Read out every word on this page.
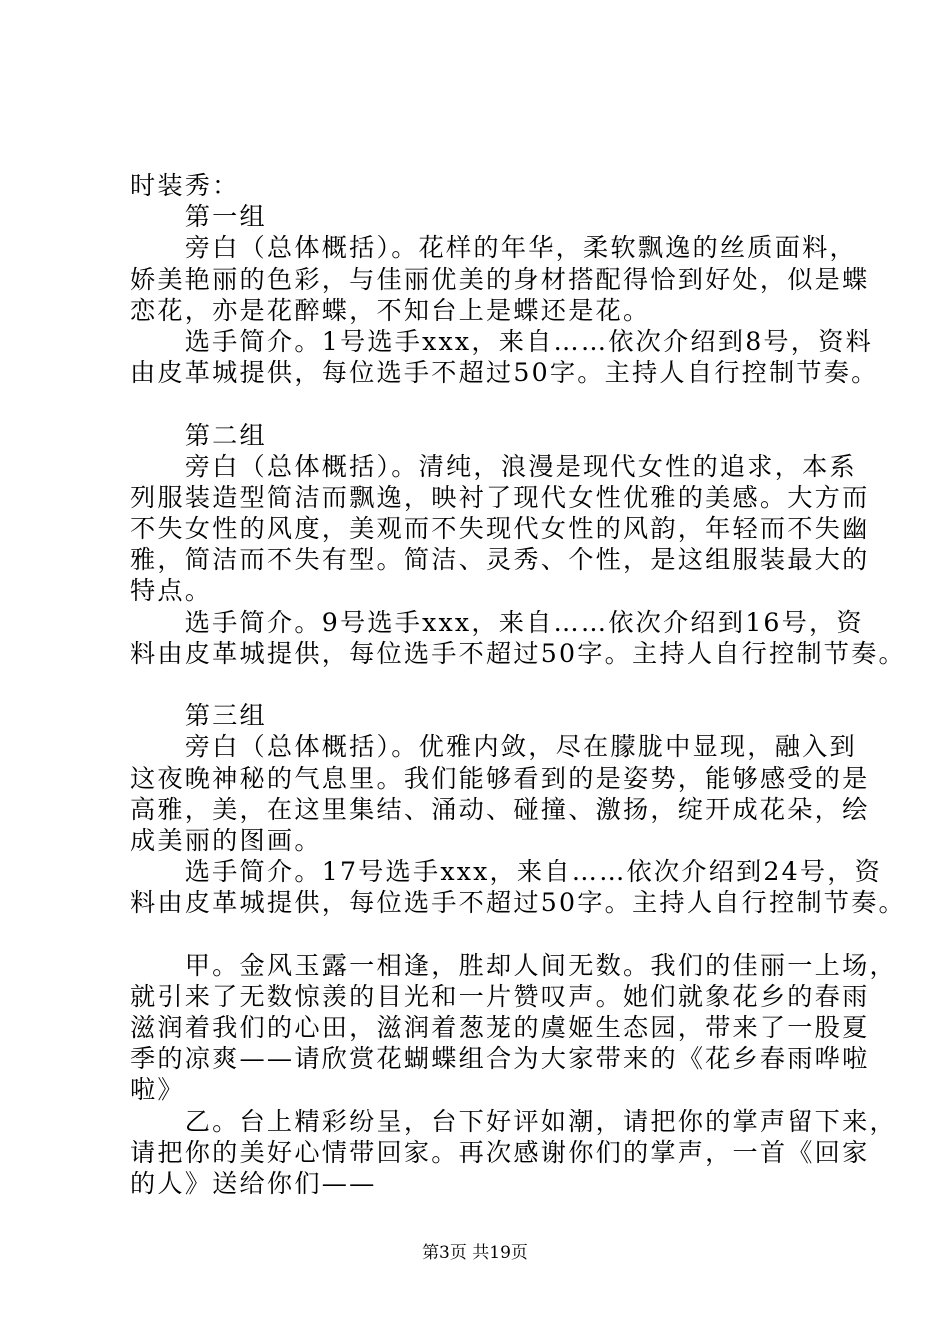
时装秀：
　　第一组
　　旁白（总体概括）。花样的年华，柔软飘逸的丝质面料，
娇美艳丽的色彩，与佳丽优美的身材搭配得恰到好处，似是蝶
恋花，亦是花醉蝶，不知台上是蝶还是花。
　　选手简介。1号选手xxx，来自……依次介绍到8号，资料
由皮革城提供，每位选手不超过50字。主持人自行控制节奏。
　　第二组
　　旁白（总体概括）。清纯，浪漫是现代女性的追求，本系
列服装造型简洁而飘逸，映衬了现代女性优雅的美感。大方而
不失女性的风度，美观而不失现代女性的风韵，年轻而不失幽
雅，简洁而不失有型。简洁、灵秀、个性，是这组服装最大的
特点。
　　选手简介。9号选手xxx，来自……依次介绍到16号，资
料由皮革城提供，每位选手不超过50字。主持人自行控制节奏。
　　第三组
　　旁白（总体概括）。优雅内敛，尽在朦胧中显现，融入到
这夜晚神秘的气息里。我们能够看到的是姿势，能够感受的是
高雅，美，在这里集结、涌动、碰撞、激扬，绽开成花朵，绘
成美丽的图画。
　　选手简介。17号选手xxx，来自……依次介绍到24号，资
料由皮革城提供，每位选手不超过50字。主持人自行控制节奏。
　　甲。金风玉露一相逢，胜却人间无数。我们的佳丽一上场，
就引来了无数惊羡的目光和一片赞叹声。她们就象花乡的春雨
滋润着我们的心田，滋润着葱茏的虞姬生态园，带来了一股夏
季的凉爽——请欣赏花蝴蝶组合为大家带来的《花乡春雨哗啦
啦》
　　乙。台上精彩纷呈，台下好评如潮，请把你的掌声留下来，
请把你的美好心情带回家。再次感谢你们的掌声，一首《回家
的人》送给你们——
第3页 共19页
